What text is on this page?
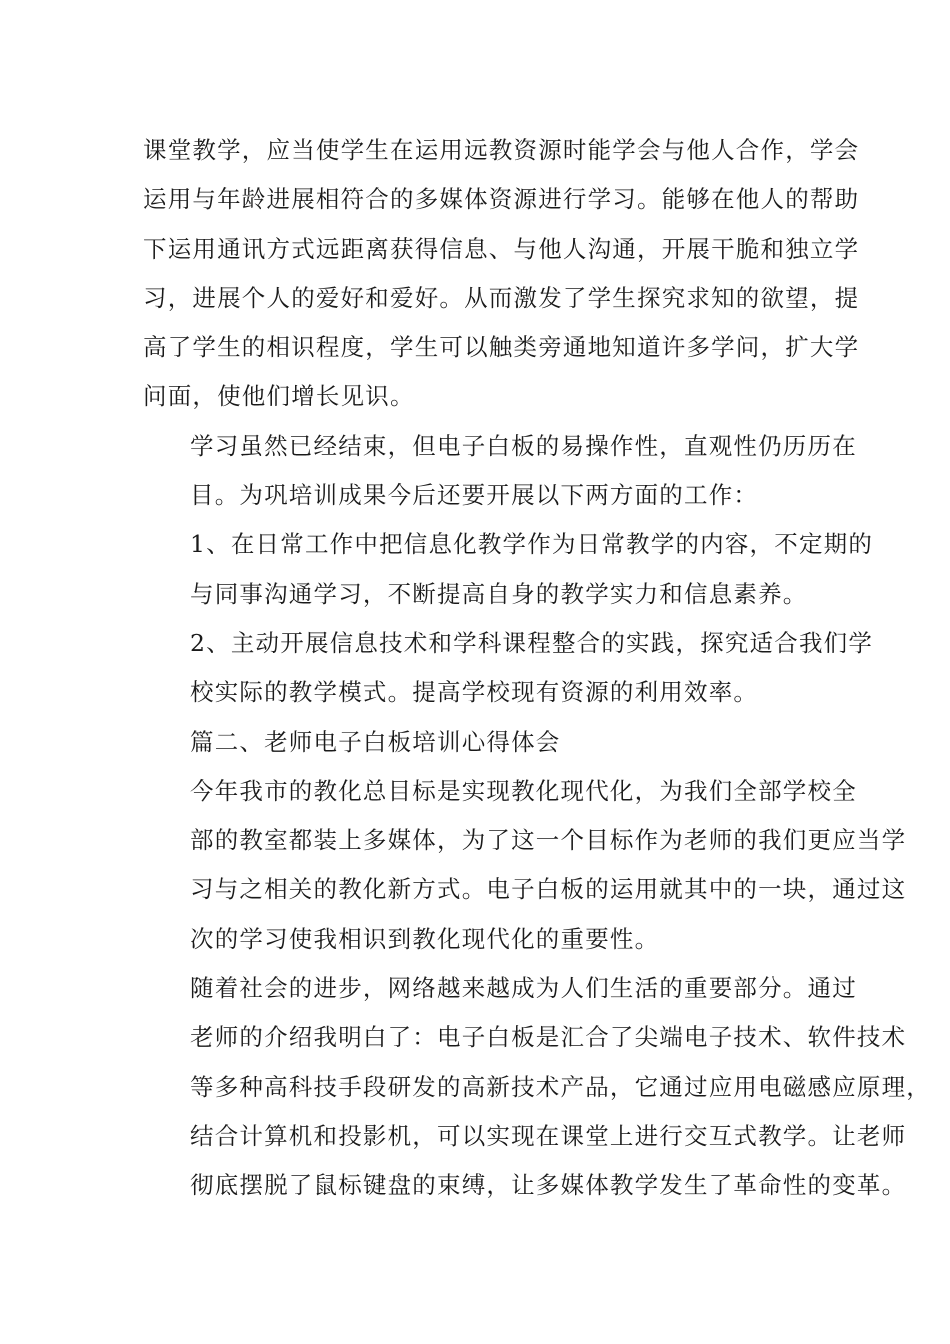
课堂教学，应当使学生在运用远教资源时能学会与他人合作，学会
运用与年龄进展相符合的多媒体资源进行学习。能够在他人的帮助
下运用通讯方式远距离获得信息、与他人沟通，开展干脆和独立学
习，进展个人的爱好和爱好。从而激发了学生探究求知的欲望，提
高了学生的相识程度，学生可以触类旁通地知道许多学问，扩大学
问面，使他们增长见识。

学习虽然已经结束，但电子白板的易操作性，直观性仍历历在
目。为巩培训成果今后还要开展以下两方面的工作：

1、在日常工作中把信息化教学作为日常教学的内容，不定期的
与同事沟通学习，不断提高自身的教学实力和信息素养。

2、主动开展信息技术和学科课程整合的实践，探究适合我们学
校实际的教学模式。提高学校现有资源的利用效率。

篇二、老师电子白板培训心得体会

今年我市的教化总目标是实现教化现代化，为我们全部学校全
部的教室都装上多媒体，为了这一个目标作为老师的我们更应当学
习与之相关的教化新方式。电子白板的运用就其中的一块，通过这
次的学习使我相识到教化现代化的重要性。

随着社会的进步，网络越来越成为人们生活的重要部分。通过
老师的介绍我明白了：电子白板是汇合了尖端电子技术、软件技术
等多种高科技手段研发的高新技术产品，它通过应用电磁感应原理，
结合计算机和投影机，可以实现在课堂上进行交互式教学。让老师
彻底摆脱了鼠标键盘的束缚，让多媒体教学发生了革命性的变革。
